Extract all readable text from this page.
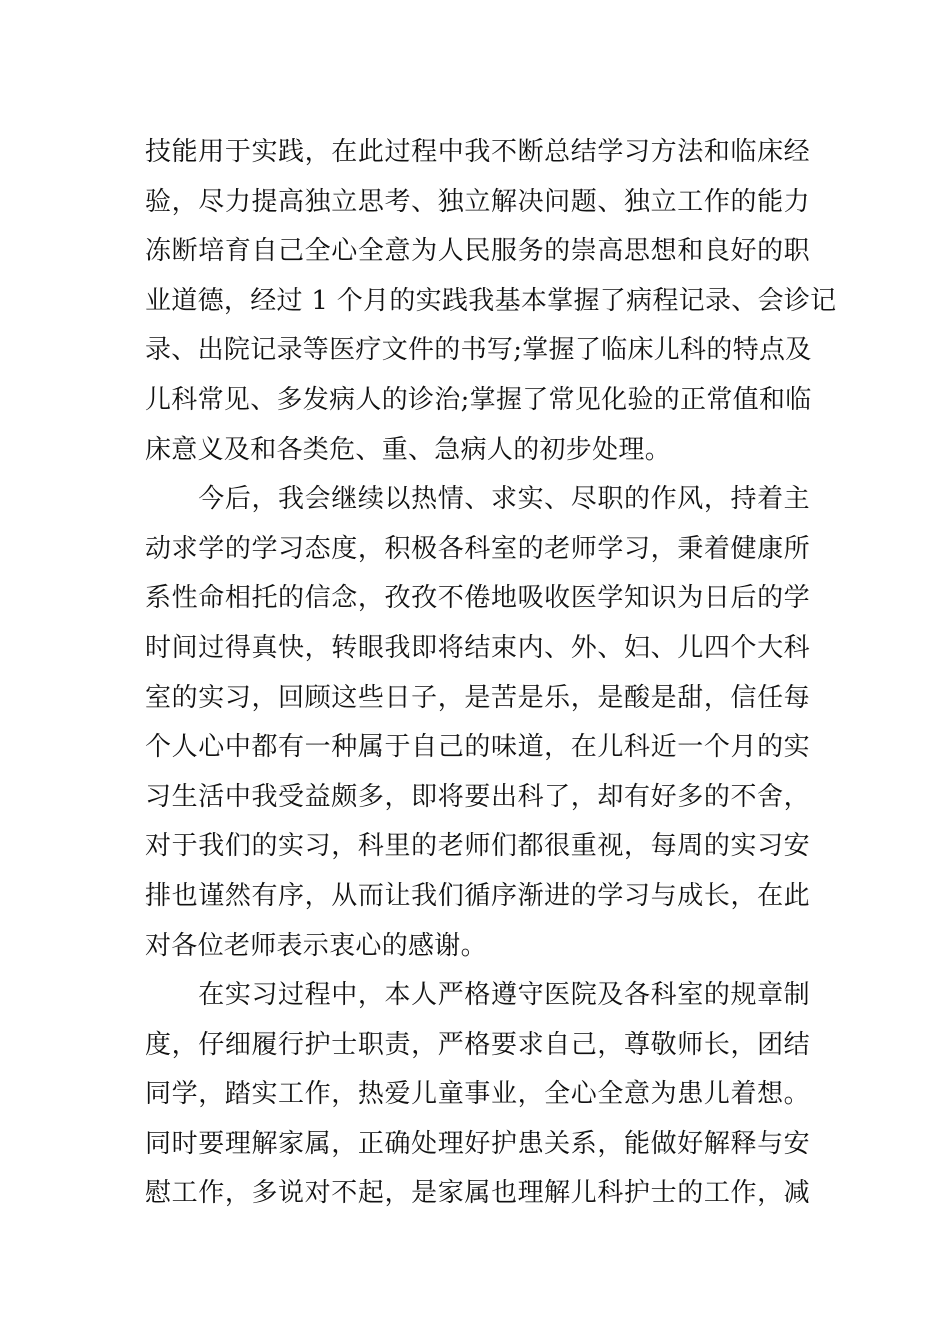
技能用于实践，在此过程中我不断总结学习方法和临床经
验，尽力提高独立思考、独立解决问题、独立工作的能力
冻断培育自己全心全意为人民服务的崇高思想和良好的职
业道德，经过 1 个月的实践我基本掌握了病程记录、会诊记
录、出院记录等医疗文件的书写;掌握了临床儿科的特点及
儿科常见、多发病人的诊治;掌握了常见化验的正常值和临
床意义及和各类危、重、急病人的初步处理。
　　今后，我会继续以热情、求实、尽职的作风，持着主
动求学的学习态度，积极各科室的老师学习，秉着健康所
系性命相托的信念，孜孜不倦地吸收医学知识为日后的学
时间过得真快，转眼我即将结束内、外、妇、儿四个大科
室的实习，回顾这些日子，是苦是乐，是酸是甜，信任每
个人心中都有一种属于自己的味道，在儿科近一个月的实
习生活中我受益颇多，即将要出科了，却有好多的不舍，
对于我们的实习，科里的老师们都很重视，每周的实习安
排也谨然有序，从而让我们循序渐进的学习与成长，在此
对各位老师表示衷心的感谢。
　　在实习过程中，本人严格遵守医院及各科室的规章制
度，仔细履行护士职责，严格要求自己，尊敬师长，团结
同学，踏实工作，热爱儿童事业，全心全意为患儿着想。
同时要理解家属，正确处理好护患关系，能做好解释与安
慰工作，多说对不起，是家属也理解儿科护士的工作，减
